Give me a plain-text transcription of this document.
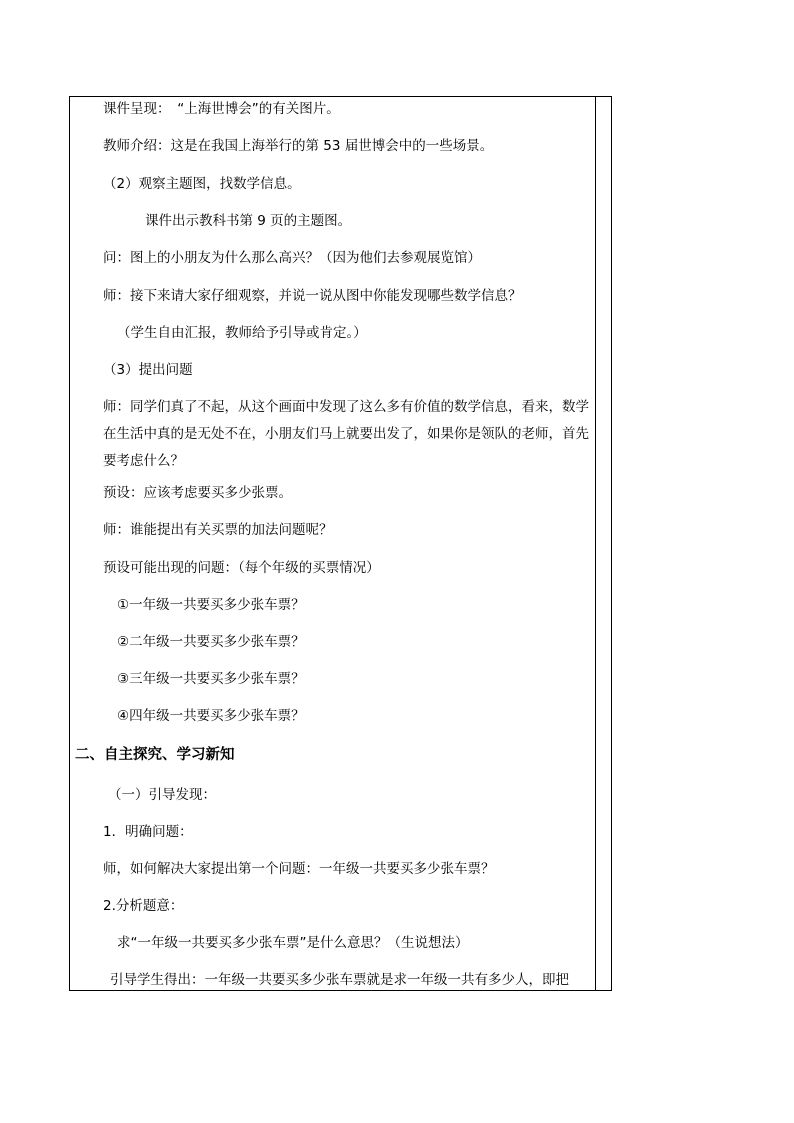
课件呈现：　“上海世博会”的有关图片。
教师介绍：这是在我国上海举行的第 53 届世博会中的一些场景。
（2）观察主题图，找数学信息。
课件出示教科书第 9 页的主题图。
问：图上的小朋友为什么那么高兴？（因为他们去参观展览馆）
师：接下来请大家仔细观察，并说一说从图中你能发现哪些数学信息？
（学生自由汇报，教师给予引导或肯定。）
（3）提出问题
师：同学们真了不起，从这个画面中发现了这么多有价值的数学信息，看来，数学在生活中真的是无处不在，小朋友们马上就要出发了，如果你是领队的老师，首先要考虑什么？
预设：应该考虑要买多少张票。
师：谁能提出有关买票的加法问题呢？
预设可能出现的问题：（每个年级的买票情况）
①一年级一共要买多少张车票？
②二年级一共要买多少张车票？
③三年级一共要买多少张车票？
④四年级一共要买多少张车票？
二、自主探究、学习新知
（一）引导发现：
1．明确问题：
师，如何解决大家提出第一个问题：一年级一共要买多少张车票？
2.分析题意：
求“一年级一共要买多少张车票”是什么意思？（生说想法）
引导学生得出：一年级一共要买多少张车票就是求一年级一共有多少人，即把
